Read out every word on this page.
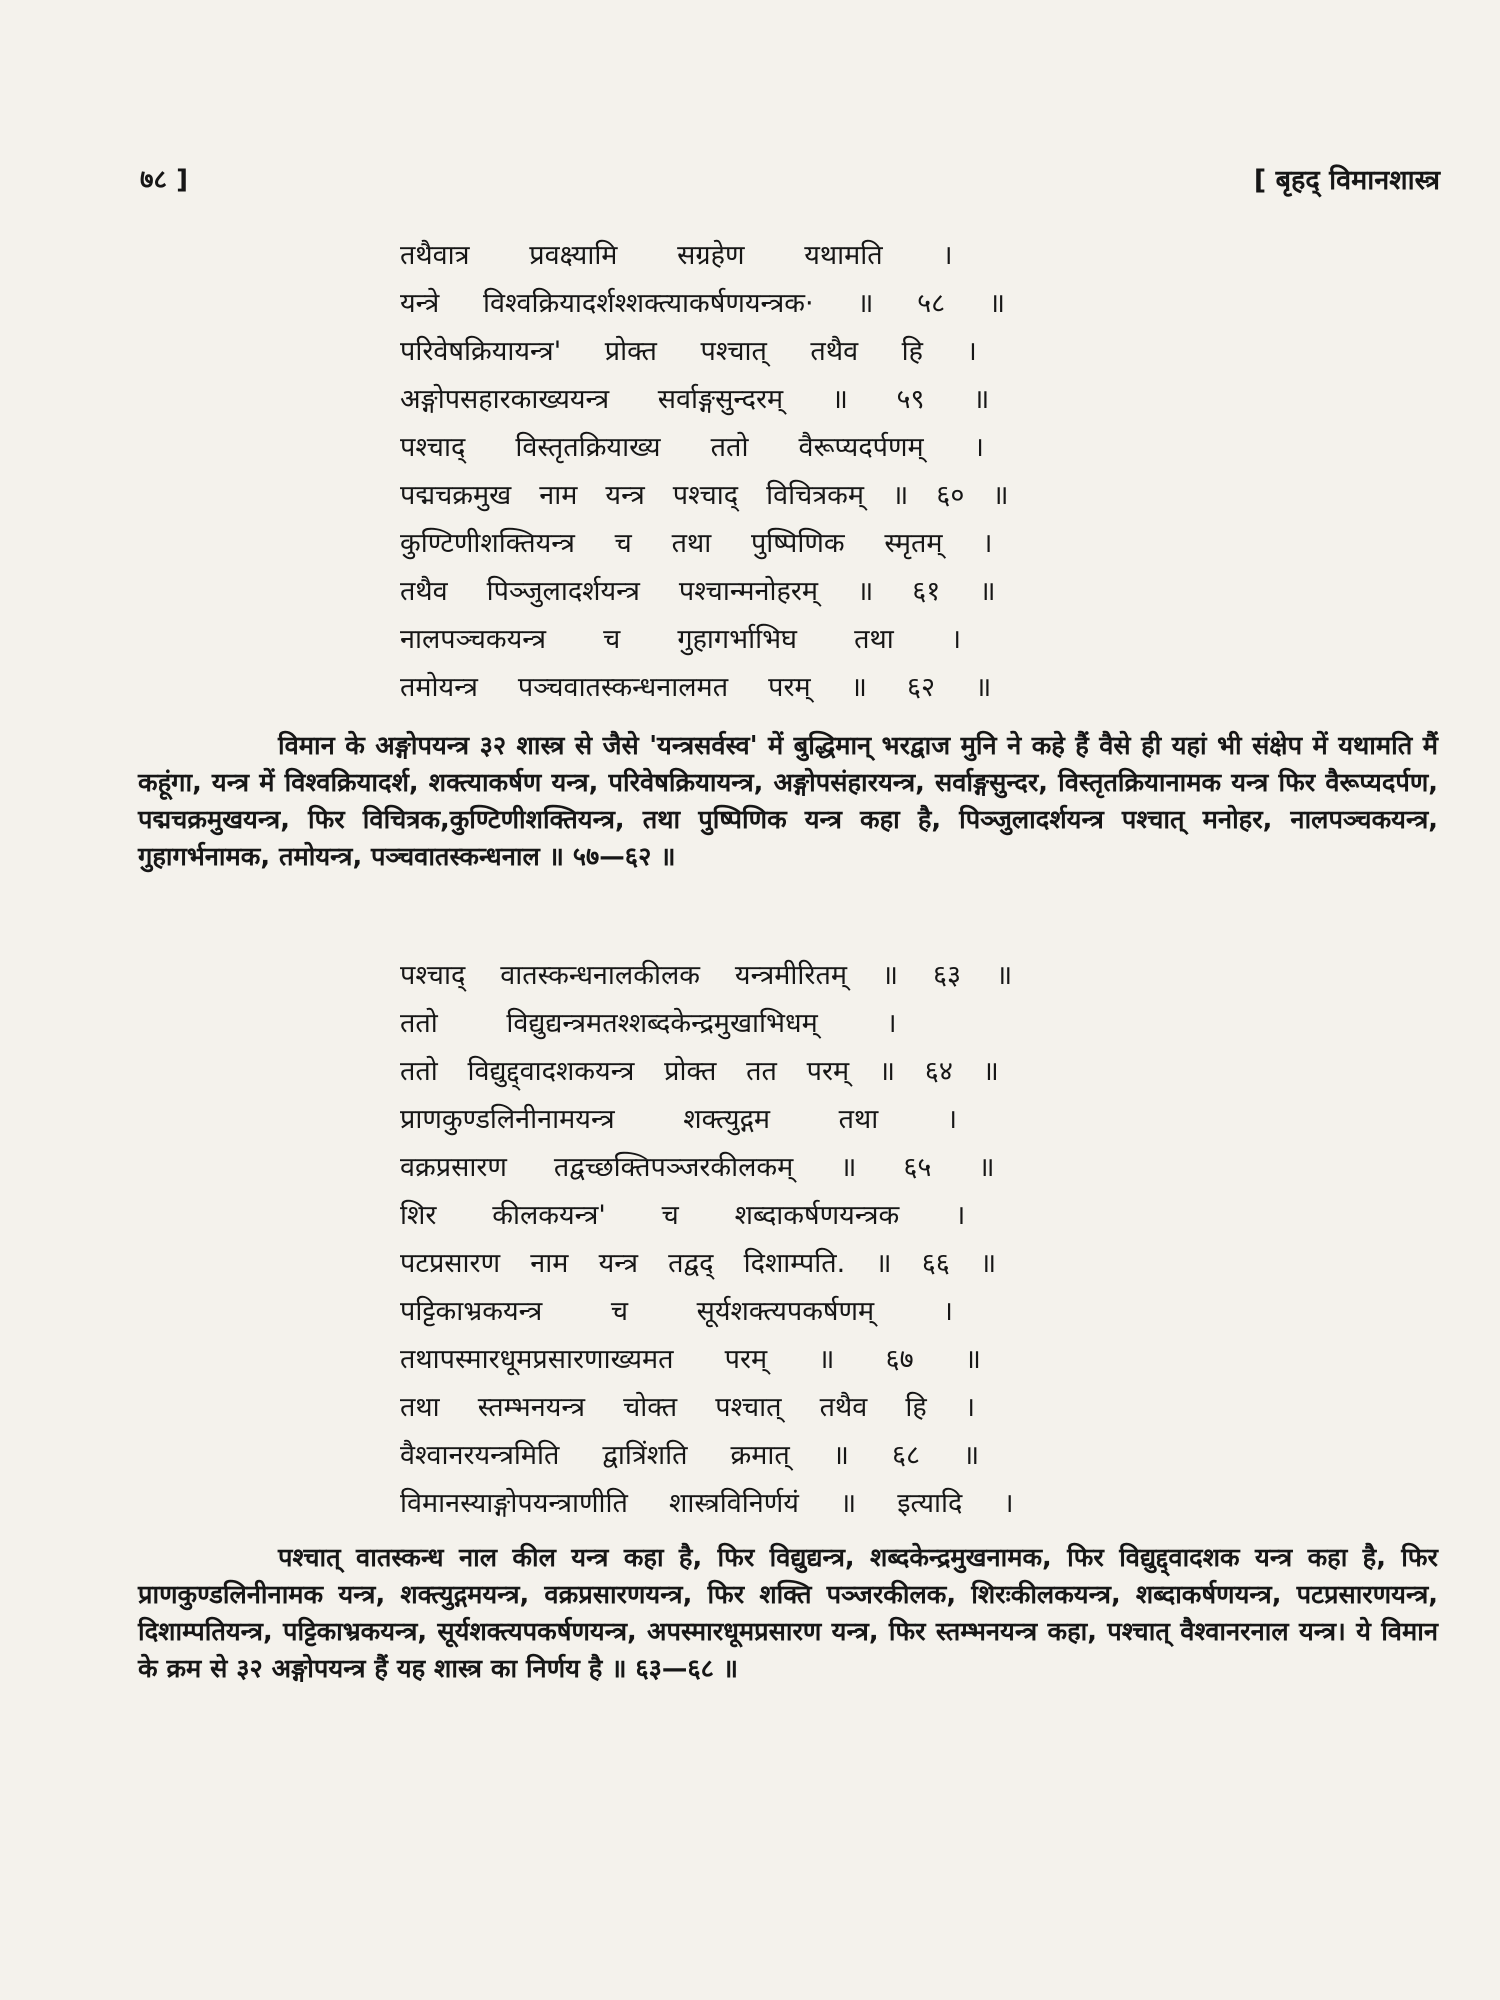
७८ ]	[ बृहद् विमानशास्त्र
तथैवात्र प्रवक्ष्यामि सग्रहेण यथामति ।
यन्त्रे विश्वक्रियादर्शश्शक्त्याकर्षणयन्त्रक· ॥ ५८ ॥
परिवेषक्रियायन्त्र' प्रोक्त पश्चात् तथैव हि ।
अङ्गोपसहारकाख्ययन्त्र सर्वाङ्गसुन्दरम् ॥ ५९ ॥
पश्चाद् विस्तृतक्रियाख्य ततो वैरूप्यदर्पणम् ।
पद्मचक्रमुख नाम यन्त्र पश्चाद् विचित्रकम् ॥ ६० ॥
कुण्टिणीशक्तियन्त्र च तथा पुष्पिणिक स्मृतम् ।
तथैव पिञ्जुलादर्शयन्त्र पश्चान्मनोहरम् ॥ ६१ ॥
नालपञ्चकयन्त्र च गुहागर्भाभिघ तथा ।
तमोयन्त्र पञ्चवातस्कन्धनालमत परम् ॥ ६२ ॥

विमान के अङ्गोपयन्त्र ३२ शास्त्र से जैसे 'यन्त्रसर्वस्व' में बुद्धिमान् भरद्वाज मुनि ने कहे हैं वैसे ही यहां भी संक्षेप में यथामति मैं कहूंगा, यन्त्र में विश्वक्रियादर्श, शक्त्याकर्षण यन्त्र, परिवेषक्रियायन्त्र, अङ्गोपसंहारयन्त्र, सर्वाङ्गसुन्दर, विस्तृतक्रियानामक यन्त्र फिर वैरूप्यदर्पण, पद्मचक्रमुखयन्त्र, फिर विचित्रक,कुण्टिणीशक्तियन्त्र, तथा पुष्पिणिक यन्त्र कहा है, पिञ्जुलादर्शयन्त्र पश्चात् मनोहर, नालपञ्चकयन्त्र, गुहागर्भनामक, तमोयन्त्र, पञ्चवातस्कन्धनाल ॥ ५७—६२ ॥

पश्चाद् वातस्कन्धनालकीलक यन्त्रमीरितम् ॥ ६३ ॥
ततो विद्युद्यन्त्रमतश्शब्दकेन्द्रमुखाभिधम् ।
ततो विद्युद्द्वादशकयन्त्र प्रोक्त तत परम् ॥ ६४ ॥
प्राणकुण्डलिनीनामयन्त्र शक्त्युद्गम तथा ।
वक्रप्रसारण तद्वच्छक्तिपञ्जरकीलकम् ॥ ६५ ॥
शिर कीलकयन्त्र' च शब्दाकर्षणयन्त्रक ।
पटप्रसारण नाम यन्त्र तद्वद् दिशाम्पति. ॥ ६६ ॥
पट्टिकाभ्रकयन्त्र च सूर्यशक्त्यपकर्षणम् ।
तथापस्मारधूमप्रसारणाख्यमत परम् ॥ ६७ ॥
तथा स्तम्भनयन्त्र चोक्त पश्चात् तथैव हि ।
वैश्वानरयन्त्रमिति द्वात्रिंशति क्रमात् ॥ ६८ ॥
विमानस्याङ्गोपयन्त्राणीति शास्त्रविनिर्णयं ॥ इत्यादि ।

पश्चात् वातस्कन्ध नाल कील यन्त्र कहा है, फिर विद्युद्यन्त्र, शब्दकेन्द्रमुखनामक, फिर विद्युद्द्वादशक यन्त्र कहा है, फिर प्राणकुण्डलिनीनामक यन्त्र, शक्त्युद्गमयन्त्र, वक्रप्रसारणयन्त्र, फिर शक्ति पञ्जरकीलक, शिरःकीलकयन्त्र, शब्दाकर्षणयन्त्र, पटप्रसारणयन्त्र, दिशाम्पतियन्त्र, पट्टिकाभ्रकयन्त्र, सूर्यशक्त्यपकर्षणयन्त्र, अपस्मारधूमप्रसारण यन्त्र, फिर स्तम्भनयन्त्र कहा, पश्चात् वैश्वानरनाल यन्त्र। ये विमान के क्रम से ३२ अङ्गोपयन्त्र हैं यह शास्त्र का निर्णय है ॥ ६३—६८ ॥
